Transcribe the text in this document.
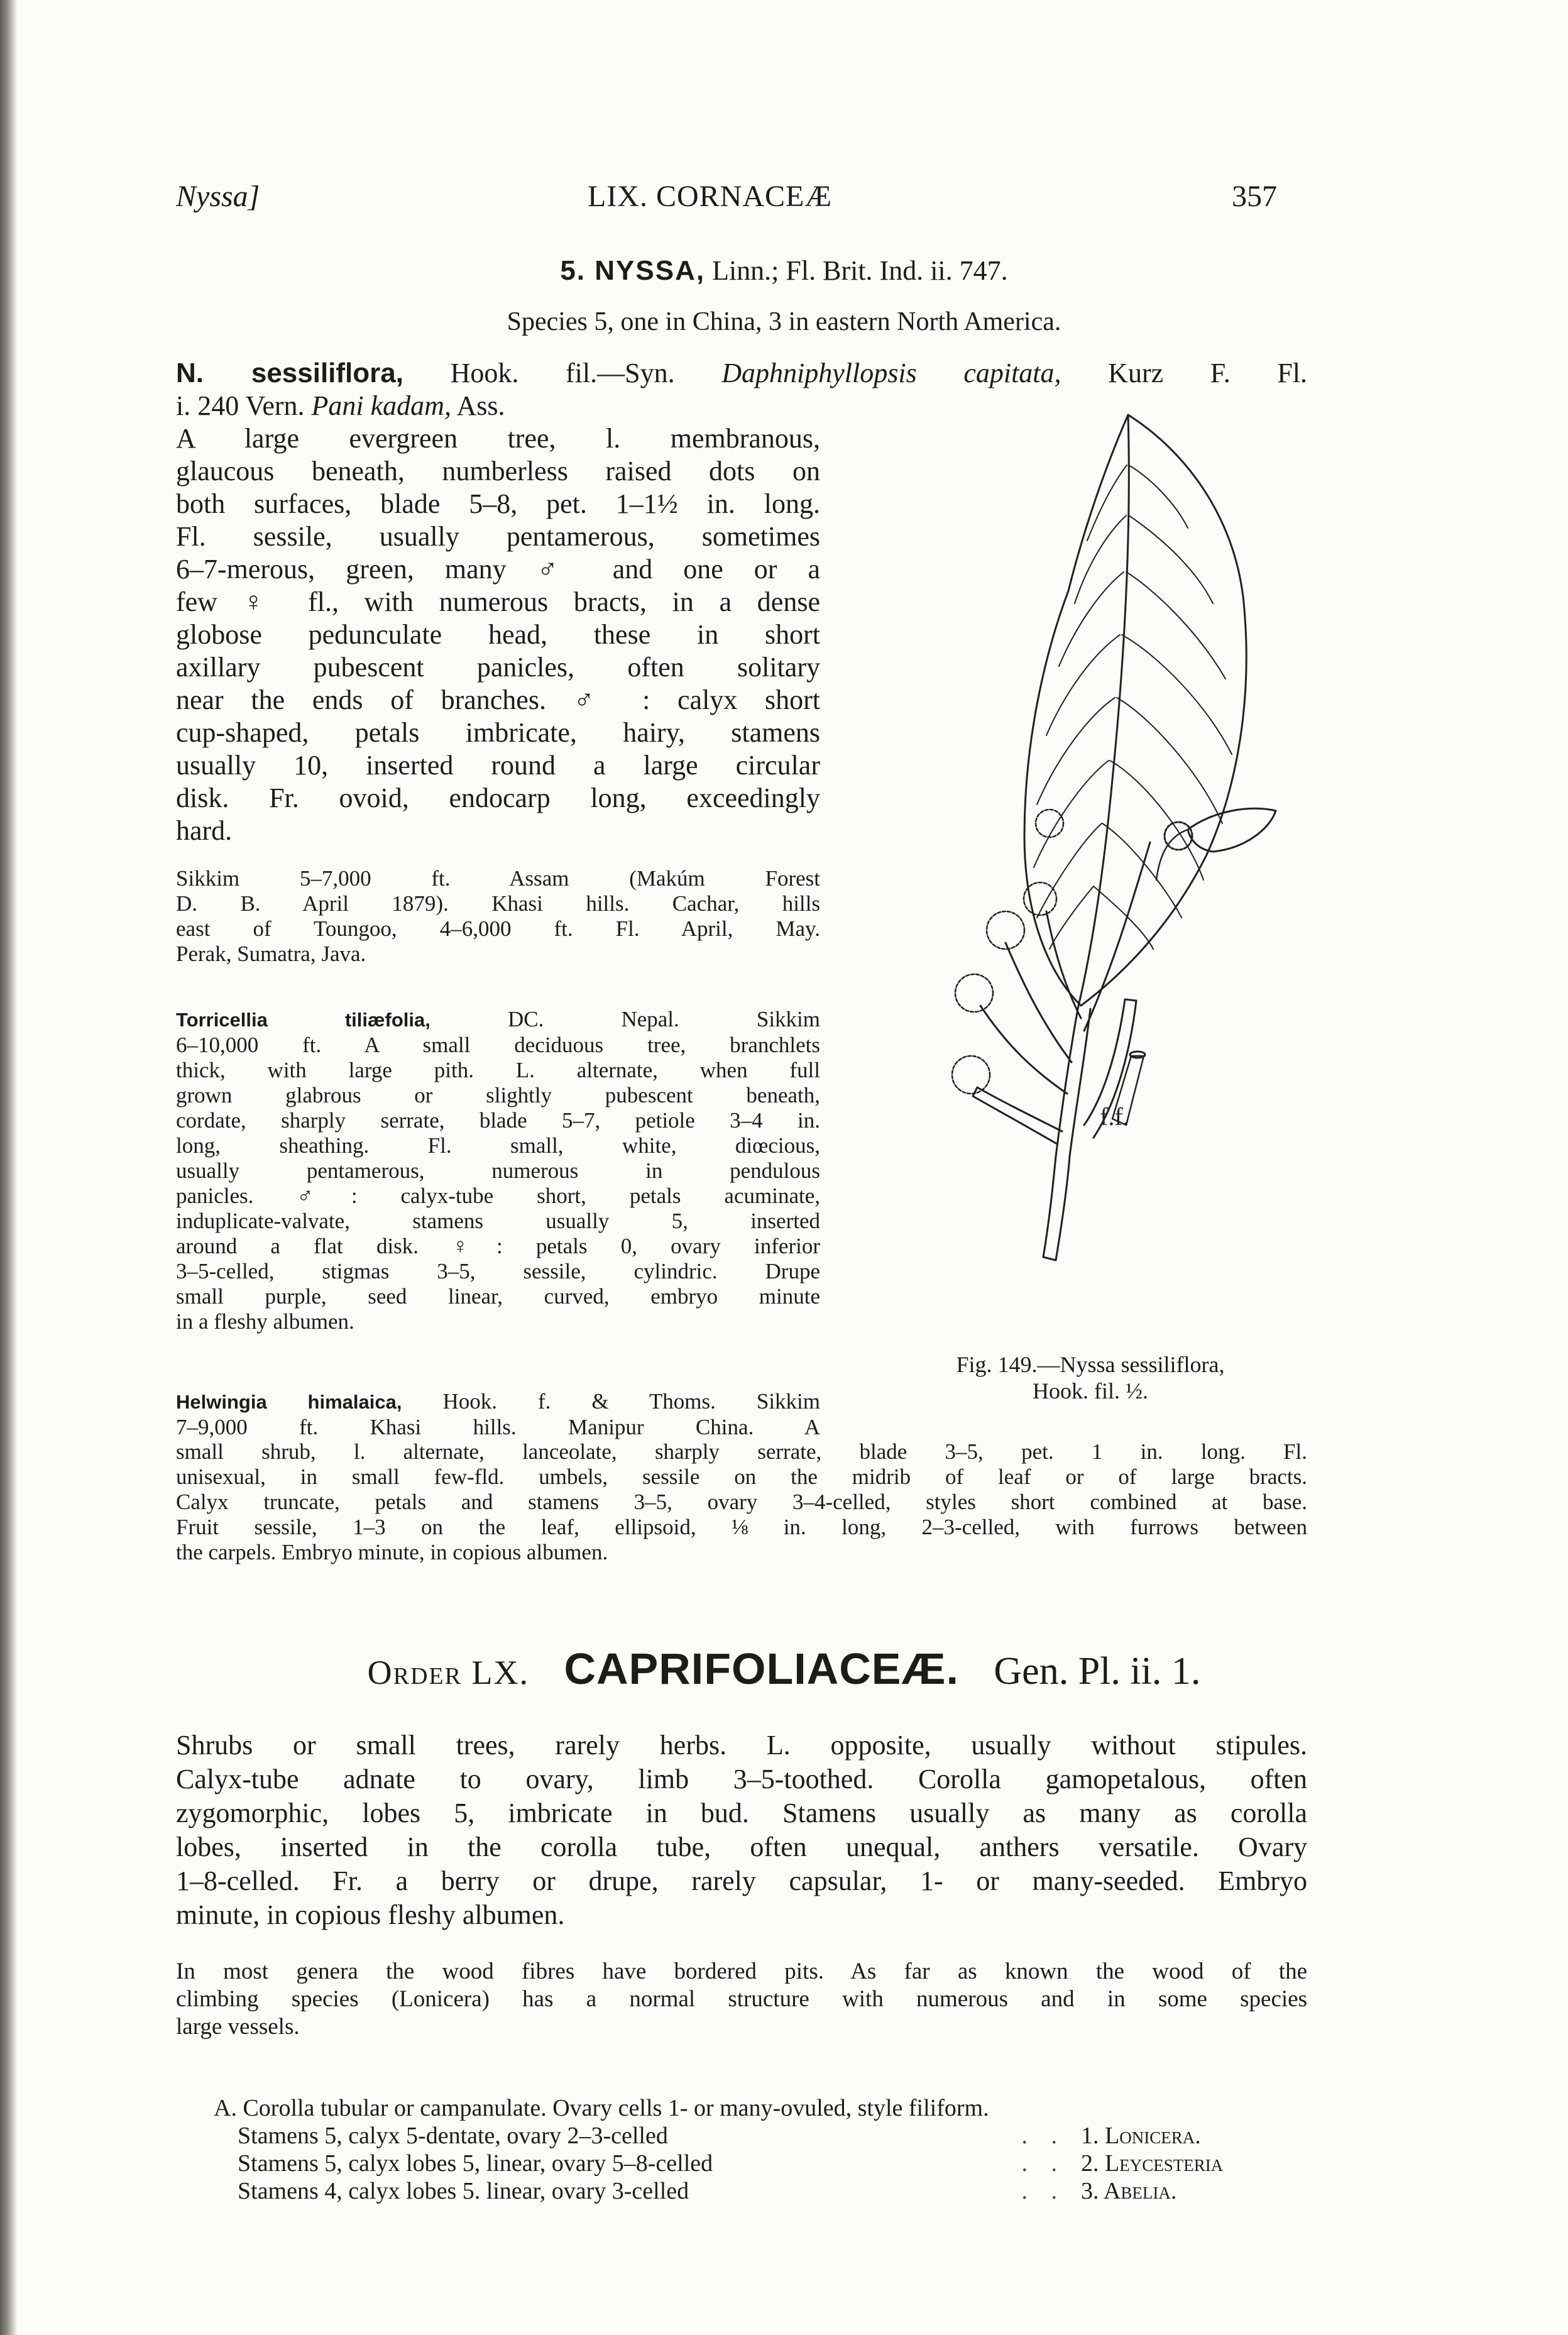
Nyssa]	LIX. CORNACEÆ	357
5. NYSSA, Linn.; Fl. Brit. Ind. ii. 747.
Species 5, one in China, 3 in eastern North America.
N. sessiliflora, Hook. fil.—Syn. Daphniphyllopsis capitata, Kurz F. Fl.
i. 240 Vern. Pani kadam, Ass.
A large evergreen tree, l. membranous,
glaucous beneath, numberless raised dots on
both surfaces, blade 5–8, pet. 1–1½ in. long.
Fl. sessile, usually pentamerous, sometimes
6–7-merous, green, many ♂ and one or a
few ♀ fl., with numerous bracts, in a dense
globose pedunculate head, these in short
axillary pubescent panicles, often solitary
near the ends of branches. ♂ : calyx short
cup-shaped, petals imbricate, hairy, stamens
usually 10, inserted round a large circular
disk. Fr. ovoid, endocarp long, exceedingly
hard.
Sikkim 5–7,000 ft. Assam (Makúm Forest
D. B. April 1879). Khasi hills. Cachar, hills
east of Toungoo, 4–6,000 ft. Fl. April, May.
Perak, Sumatra, Java.
Torricellia tiliæfolia,	DC. Nepal. Sikkim
6–10,000 ft. A small deciduous tree, branchlets
thick, with large pith. L. alternate, when full
grown glabrous or slightly pubescent beneath,
cordate, sharply serrate, blade 5–7, petiole 3–4 in.
long, sheathing. Fl. small, white, diœcious,
usually pentamerous, numerous in pendulous
panicles. ♂: calyx-tube short, petals acuminate,
induplicate-valvate, stamens usually 5, inserted
around a flat disk. ♀: petals 0, ovary inferior
3–5-celled, stigmas 3–5, sessile, cylindric. Drupe
small purple, seed linear, curved, embryo minute
in a fleshy albumen.
Helwingia himalaica, Hook. f. & Thoms. Sikkim
7–9,000 ft. Khasi hills. Manipur China. A
small shrub, l. alternate, lanceolate, sharply serrate, blade 3–5, pet. 1 in. long. Fl.
unisexual, in small few-fld. umbels, sessile on the midrib of leaf or of large bracts.
Calyx truncate, petals and stamens 3–5, ovary 3–4-celled, styles short combined at base.
Fruit sessile, 1–3 on the leaf, ellipsoid, ⅛ in. long, 2–3-celled, with furrows between
the carpels. Embryo minute, in copious albumen.
f.f.
Fig. 149.—Nyssa sessiliflora,
Hook. fil. ½.
Order LX. CAPRIFOLIACEÆ. Gen. Pl. ii. 1.
Shrubs or small trees, rarely herbs. L. opposite, usually without stipules.
Calyx-tube adnate to ovary, limb 3–5-toothed. Corolla gamopetalous, often
zygomorphic, lobes 5, imbricate in bud. Stamens usually as many as corolla
lobes, inserted in the corolla tube, often unequal, anthers versatile. Ovary
1–8-celled. Fr. a berry or drupe, rarely capsular, 1- or many-seeded. Embryo
minute, in copious fleshy albumen.
In most genera the wood fibres have bordered pits. As far as known the wood of the
climbing species (Lonicera) has a normal structure with numerous and in some species
large vessels.
A. Corolla tubular or campanulate. Ovary cells 1- or many-ovuled, style filiform.
Stamens 5, calyx 5-dentate, ovary 2–3-celled	. . 1. Lonicera.
Stamens 5, calyx lobes 5, linear, ovary 5–8-celled	. . 2. Leycesteria
Stamens 4, calyx lobes 5. linear, ovary 3-celled	. . 3. Abelia.
